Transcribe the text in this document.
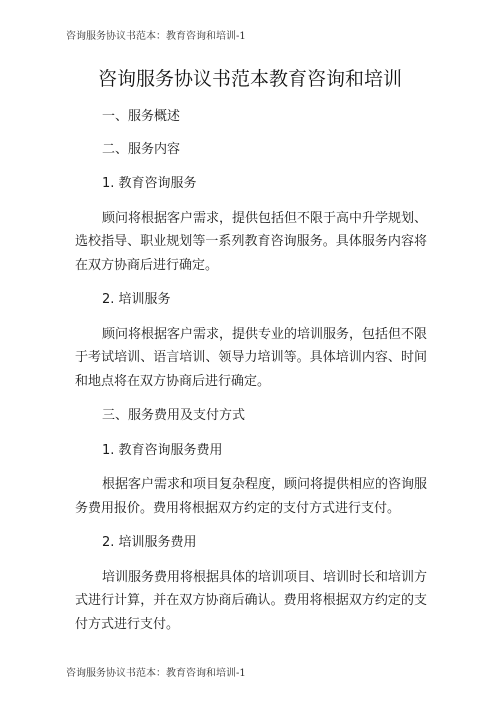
咨询服务协议书范本：教育咨询和培训-1
咨询服务协议书范本教育咨询和培训

一、服务概述

二、服务内容

1. 教育咨询服务

顾问将根据客户需求，提供包括但不限于高中升学规划、选校指导、职业规划等一系列教育咨询服务。具体服务内容将在双方协商后进行确定。

2. 培训服务

顾问将根据客户需求，提供专业的培训服务，包括但不限于考试培训、语言培训、领导力培训等。具体培训内容、时间和地点将在双方协商后进行确定。

三、服务费用及支付方式

1. 教育咨询服务费用

根据客户需求和项目复杂程度，顾问将提供相应的咨询服务费用报价。费用将根据双方约定的支付方式进行支付。

2. 培训服务费用

培训服务费用将根据具体的培训项目、培训时长和培训方式进行计算，并在双方协商后确认。费用将根据双方约定的支付方式进行支付。

咨询服务协议书范本：教育咨询和培训-1
